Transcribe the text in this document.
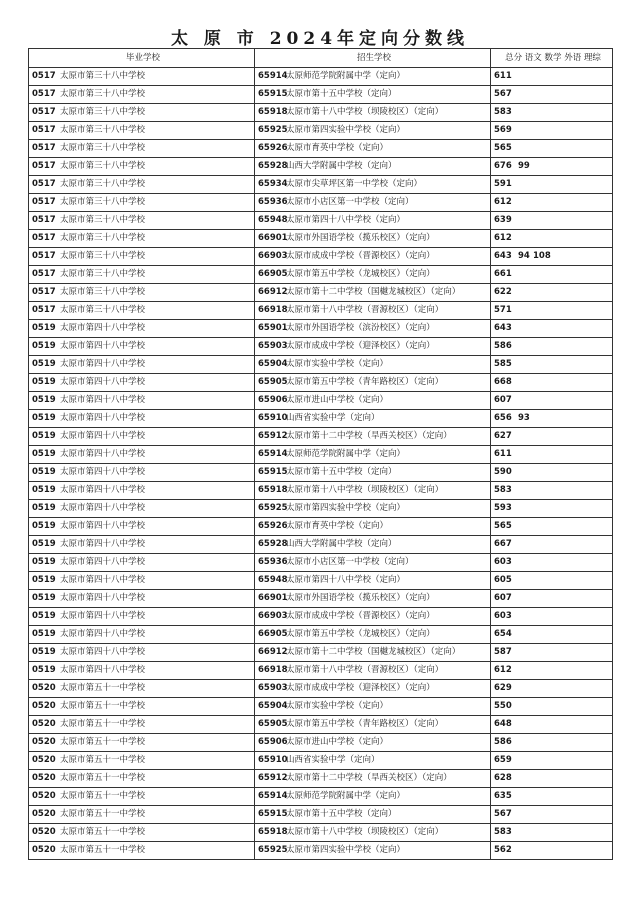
太 原 市 2024年定向分数线
毕业学校	招生学校	总分 语文 数学 外语 理综
0517 太原市第三十八中学校	65914太原师范学院附属中学（定向）	611
0517 太原市第三十八中学校	65915太原市第十五中学校（定向）	567
0517 太原市第三十八中学校	65918太原市第十八中学校（坝陵校区）（定向）	583
0517 太原市第三十八中学校	65925太原市第四实验中学校（定向）	569
0517 太原市第三十八中学校	65926太原市育英中学校（定向）	565
0517 太原市第三十八中学校	65928山西大学附属中学校（定向）	676 99
0517 太原市第三十八中学校	65934太原市尖草坪区第一中学校（定向）	591
0517 太原市第三十八中学校	65936太原市小店区第一中学校（定向）	612
0517 太原市第三十八中学校	65948太原市第四十八中学校（定向）	639
0517 太原市第三十八中学校	66901太原市外国语学校（揽乐校区）（定向）	612
0517 太原市第三十八中学校	66903太原市成成中学校（晋源校区）（定向）	643 94 108
0517 太原市第三十八中学校	66905太原市第五中学校（龙城校区）（定向）	661
0517 太原市第三十八中学校	66912太原市第十二中学校（国樾龙城校区）（定向）	622
0517 太原市第三十八中学校	66918太原市第十八中学校（晋源校区）（定向）	571
0519 太原市第四十八中学校	65901太原市外国语学校（滨汾校区）（定向）	643
0519 太原市第四十八中学校	65903太原市成成中学校（迎泽校区）（定向）	586
0519 太原市第四十八中学校	65904太原市实验中学校（定向）	585
0519 太原市第四十八中学校	65905太原市第五中学校（青年路校区）（定向）	668
0519 太原市第四十八中学校	65906太原市进山中学校（定向）	607
0519 太原市第四十八中学校	65910山西省实验中学（定向）	656 93
0519 太原市第四十八中学校	65912太原市第十二中学校（旱西关校区）（定向）	627
0519 太原市第四十八中学校	65914太原师范学院附属中学（定向）	611
0519 太原市第四十八中学校	65915太原市第十五中学校（定向）	590
0519 太原市第四十八中学校	65918太原市第十八中学校（坝陵校区）（定向）	583
0519 太原市第四十八中学校	65925太原市第四实验中学校（定向）	593
0519 太原市第四十八中学校	65926太原市育英中学校（定向）	565
0519 太原市第四十八中学校	65928山西大学附属中学校（定向）	667
0519 太原市第四十八中学校	65936太原市小店区第一中学校（定向）	603
0519 太原市第四十八中学校	65948太原市第四十八中学校（定向）	605
0519 太原市第四十八中学校	66901太原市外国语学校（揽乐校区）（定向）	607
0519 太原市第四十八中学校	66903太原市成成中学校（晋源校区）（定向）	603
0519 太原市第四十八中学校	66905太原市第五中学校（龙城校区）（定向）	654
0519 太原市第四十八中学校	66912太原市第十二中学校（国樾龙城校区）（定向）	587
0519 太原市第四十八中学校	66918太原市第十八中学校（晋源校区）（定向）	612
0520 太原市第五十一中学校	65903太原市成成中学校（迎泽校区）（定向）	629
0520 太原市第五十一中学校	65904太原市实验中学校（定向）	550
0520 太原市第五十一中学校	65905太原市第五中学校（青年路校区）（定向）	648
0520 太原市第五十一中学校	65906太原市进山中学校（定向）	586
0520 太原市第五十一中学校	65910山西省实验中学（定向）	659
0520 太原市第五十一中学校	65912太原市第十二中学校（旱西关校区）（定向）	628
0520 太原市第五十一中学校	65914太原师范学院附属中学（定向）	635
0520 太原市第五十一中学校	65915太原市第十五中学校（定向）	567
0520 太原市第五十一中学校	65918太原市第十八中学校（坝陵校区）（定向）	583
0520 太原市第五十一中学校	65925太原市第四实验中学校（定向）	562
